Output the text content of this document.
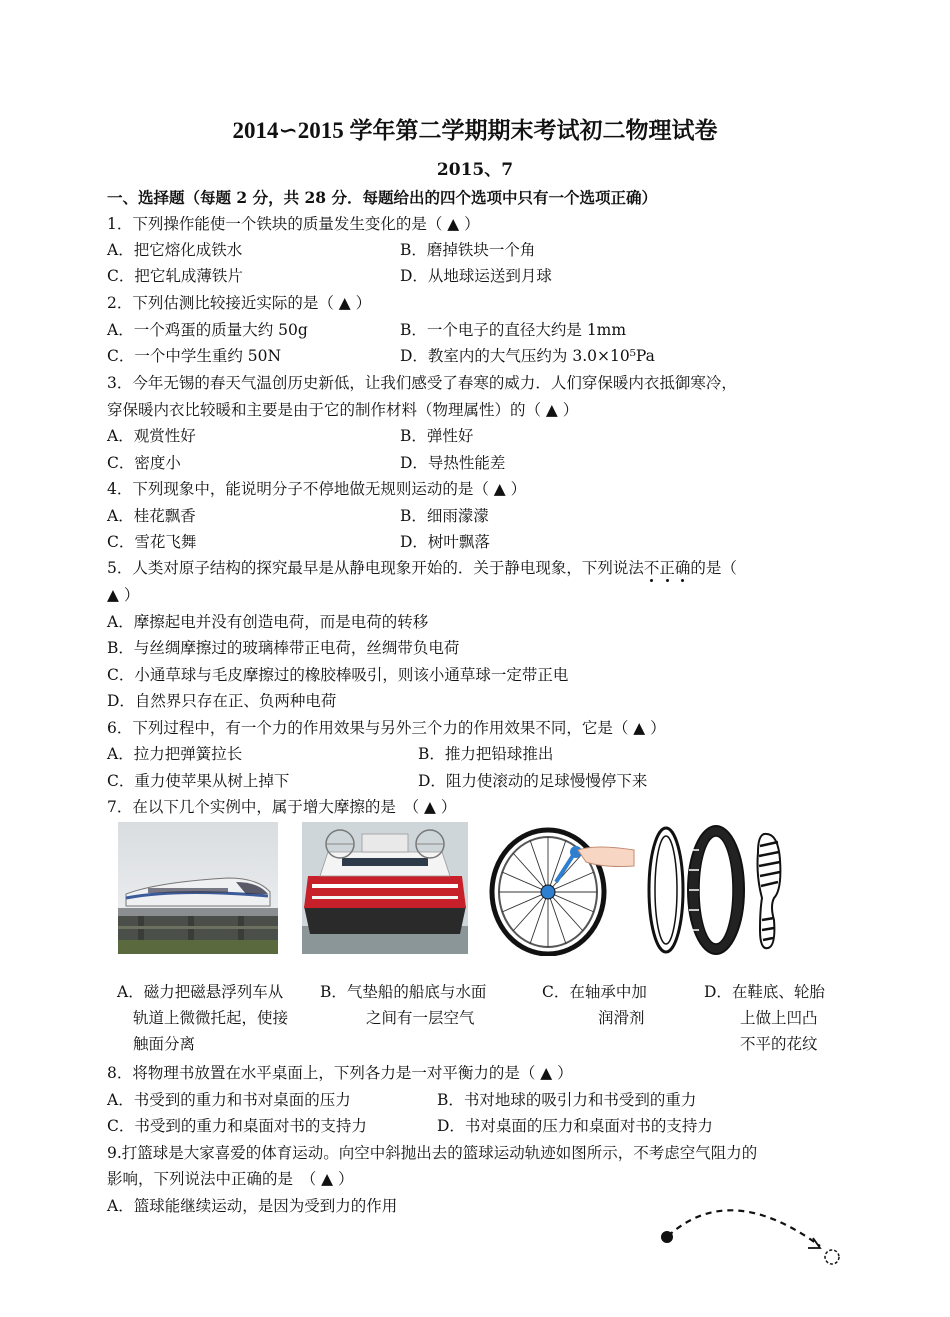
2014∽2015 学年第二学期期末考试初二物理试卷
2015、7
一、选择题（每题 2 分，共 28 分．每题给出的四个选项中只有一个选项正确）
1．下列操作能使一个铁块的质量发生变化的是（ ▲ ）
A．把它熔化成铁水	B．磨掉铁块一个角
C．把它轧成薄铁片	D．从地球运送到月球
2．下列估测比较接近实际的是（ ▲ ）
A．一个鸡蛋的质量大约 50g	B．一个电子的直径大约是 1mm
C．一个中学生重约 50N	D．教室内的大气压约为 3.0×10⁵Pa
3．今年无锡的春天气温创历史新低，让我们感受了春寒的威力．人们穿保暖内衣抵御寒冷，
穿保暖内衣比较暖和主要是由于它的制作材料（物理属性）的（ ▲ ）
A．观赏性好	B．弹性好
C．密度小	D．导热性能差
4．下列现象中，能说明分子不停地做无规则运动的是（ ▲ ）
A．桂花飘香	B．细雨濛濛
C．雪花飞舞	D．树叶飘落
5．人类对原子结构的探究最早是从静电现象开始的．关于静电现象，下列说法不正确的是（
▲ ）
A．摩擦起电并没有创造电荷，而是电荷的转移
B．与丝绸摩擦过的玻璃棒带正电荷，丝绸带负电荷
C．小通草球与毛皮摩擦过的橡胶棒吸引，则该小通草球一定带正电
D．自然界只存在正、负两种电荷
6．下列过程中，有一个力的作用效果与另外三个力的作用效果不同，它是（ ▲ ）
A．拉力把弹簧拉长	B．推力把铅球推出
C．重力使苹果从树上掉下	D．阻力使滚动的足球慢慢停下来
7．在以下几个实例中，属于增大摩擦的是　（ ▲ ）
A．磁力把磁悬浮列车从
轨道上微微托起，使接
触面分离
B．气垫船的船底与水面
之间有一层空气
C．在轴承中加
润滑剂
D．在鞋底、轮胎
上做上凹凸
不平的花纹
8．将物理书放置在水平桌面上，下列各力是一对平衡力的是（ ▲ ）
A．书受到的重力和书对桌面的压力	B．书对地球的吸引力和书受到的重力
C．书受到的重力和桌面对书的支持力	D．书对桌面的压力和桌面对书的支持力
9.打篮球是大家喜爱的体育运动。向空中斜抛出去的篮球运动轨迹如图所示，不考虑空气阻力的
影响，下列说法中正确的是　（ ▲ ）
A．篮球能继续运动，是因为受到力的作用
